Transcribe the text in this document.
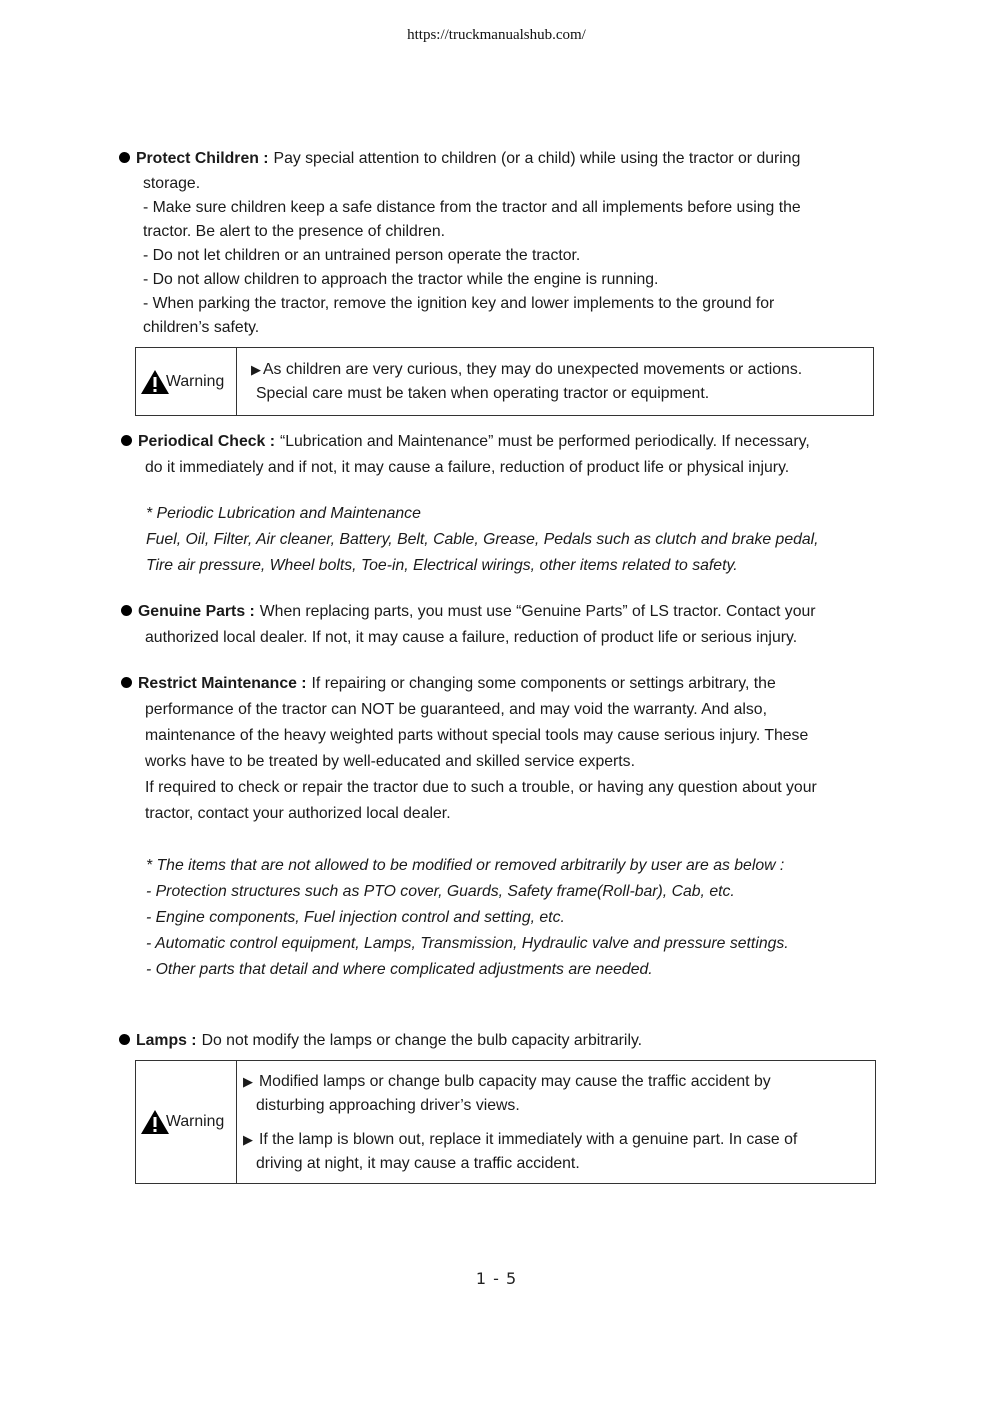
https://truckmanualshub.com/
Protect Children : Pay special attention to children (or a child) while using the tractor or during
storage.
- Make sure children keep a safe distance from the tractor and all implements before using the
tractor. Be alert to the presence of children.
- Do not let children or an untrained person operate the tractor.
- Do not allow children to approach the tractor while the engine is running.
- When parking the tractor, remove the ignition key and lower implements to the ground for
children’s safety.
Warning
▶ As children are very curious, they may do unexpected movements or actions.
Special care must be taken when operating tractor or equipment.
Periodical Check : “Lubrication and Maintenance” must be performed periodically. If necessary,
do it immediately and if not, it may cause a failure, reduction of product life or physical injury.
* Periodic Lubrication and Maintenance
Fuel, Oil, Filter, Air cleaner, Battery, Belt, Cable, Grease, Pedals such as clutch and brake pedal,
Tire air pressure, Wheel bolts, Toe-in, Electrical wirings, other items related to safety.
Genuine Parts : When replacing parts, you must use “Genuine Parts” of LS tractor. Contact your
authorized local dealer. If not, it may cause a failure, reduction of product life or serious injury.
Restrict Maintenance : If repairing or changing some components or settings arbitrary, the
performance of the tractor can NOT be guaranteed, and may void the warranty. And also,
maintenance of the heavy weighted parts without special tools may cause serious injury. These
works have to be treated by well-educated and skilled service experts.
If required to check or repair the tractor due to such a trouble, or having any question about your
tractor, contact your authorized local dealer.
* The items that are not allowed to be modified or removed arbitrarily by user are as below :
- Protection structures such as PTO cover, Guards, Safety frame(Roll-bar), Cab, etc.
- Engine components, Fuel injection control and setting, etc.
- Automatic control equipment, Lamps, Transmission, Hydraulic valve and pressure settings.
- Other parts that detail and where complicated adjustments are needed.
Lamps : Do not modify the lamps or change the bulb capacity arbitrarily.
Warning
▶ Modified lamps or change bulb capacity may cause the traffic accident by
disturbing approaching driver’s views.
▶ If the lamp is blown out, replace it immediately with a genuine part. In case of
driving at night, it may cause a traffic accident.
1 - 5
